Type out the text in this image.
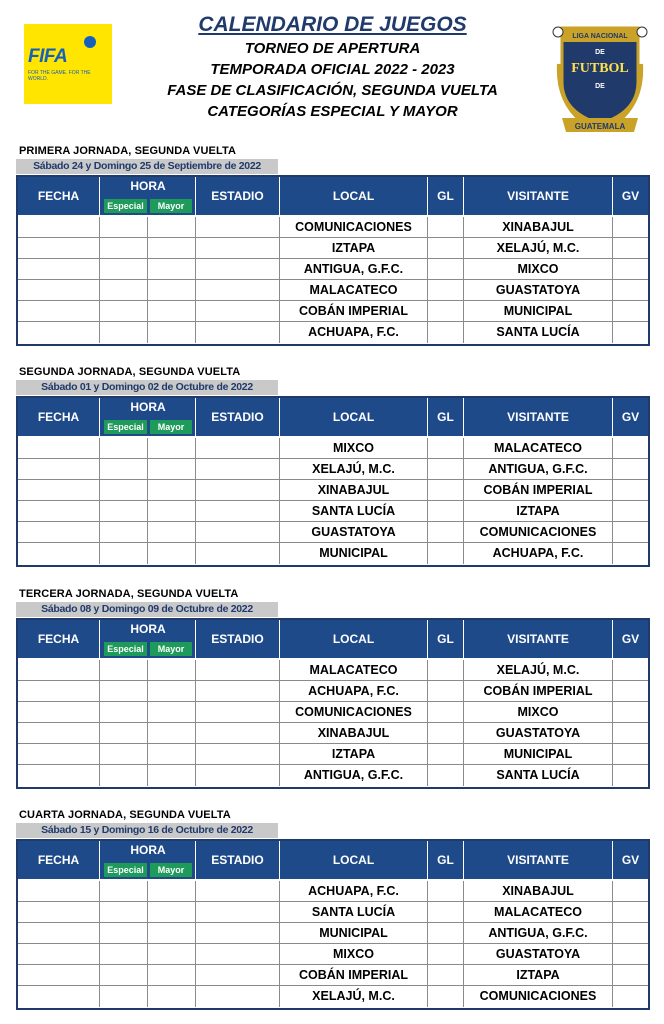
FIFA
FOR THE GAME. FOR THE WORLD.
CALENDARIO DE JUEGOS
TORNEO DE APERTURA
TEMPORADA OFICIAL 2022 - 2023
FASE DE CLASIFICACIÓN, SEGUNDA VUELTA
CATEGORÍAS ESPECIAL Y MAYOR
LIGA NACIONAL
DE
FUTBOL
DE
GUATEMALA
PRIMERA JORNADA, SEGUNDA VUELTA
Sábado 24 y Domingo 25 de Septiembre de 2022
FECHA
HORA
Especial	Mayor
ESTADIO	LOCAL	GL	VISITANTE	GV
COMUNICACIONES	XINABAJUL
IZTAPA	XELAJÚ, M.C.
ANTIGUA, G.F.C.	MIXCO
MALACATECO	GUASTATOYA
COBÁN IMPERIAL	MUNICIPAL
ACHUAPA, F.C.	SANTA LUCÍA
SEGUNDA JORNADA, SEGUNDA VUELTA
Sábado 01 y Domingo 02 de Octubre de 2022
FECHA
HORA
Especial	Mayor
ESTADIO	LOCAL	GL	VISITANTE	GV
MIXCO	MALACATECO
XELAJÚ, M.C.	ANTIGUA, G.F.C.
XINABAJUL	COBÁN IMPERIAL
SANTA LUCÍA	IZTAPA
GUASTATOYA	COMUNICACIONES
MUNICIPAL	ACHUAPA, F.C.
TERCERA JORNADA, SEGUNDA VUELTA
Sábado 08 y Domingo 09 de Octubre de 2022
FECHA
HORA
Especial	Mayor
ESTADIO	LOCAL	GL	VISITANTE	GV
MALACATECO	XELAJÚ, M.C.
ACHUAPA, F.C.	COBÁN IMPERIAL
COMUNICACIONES	MIXCO
XINABAJUL	GUASTATOYA
IZTAPA	MUNICIPAL
ANTIGUA, G.F.C.	SANTA LUCÍA
CUARTA JORNADA, SEGUNDA VUELTA
Sábado 15 y Domingo 16 de Octubre de 2022
FECHA
HORA
Especial	Mayor
ESTADIO	LOCAL	GL	VISITANTE	GV
ACHUAPA, F.C.	XINABAJUL
SANTA LUCÍA	MALACATECO
MUNICIPAL	ANTIGUA, G.F.C.
MIXCO	GUASTATOYA
COBÁN IMPERIAL	IZTAPA
XELAJÚ, M.C.	COMUNICACIONES
